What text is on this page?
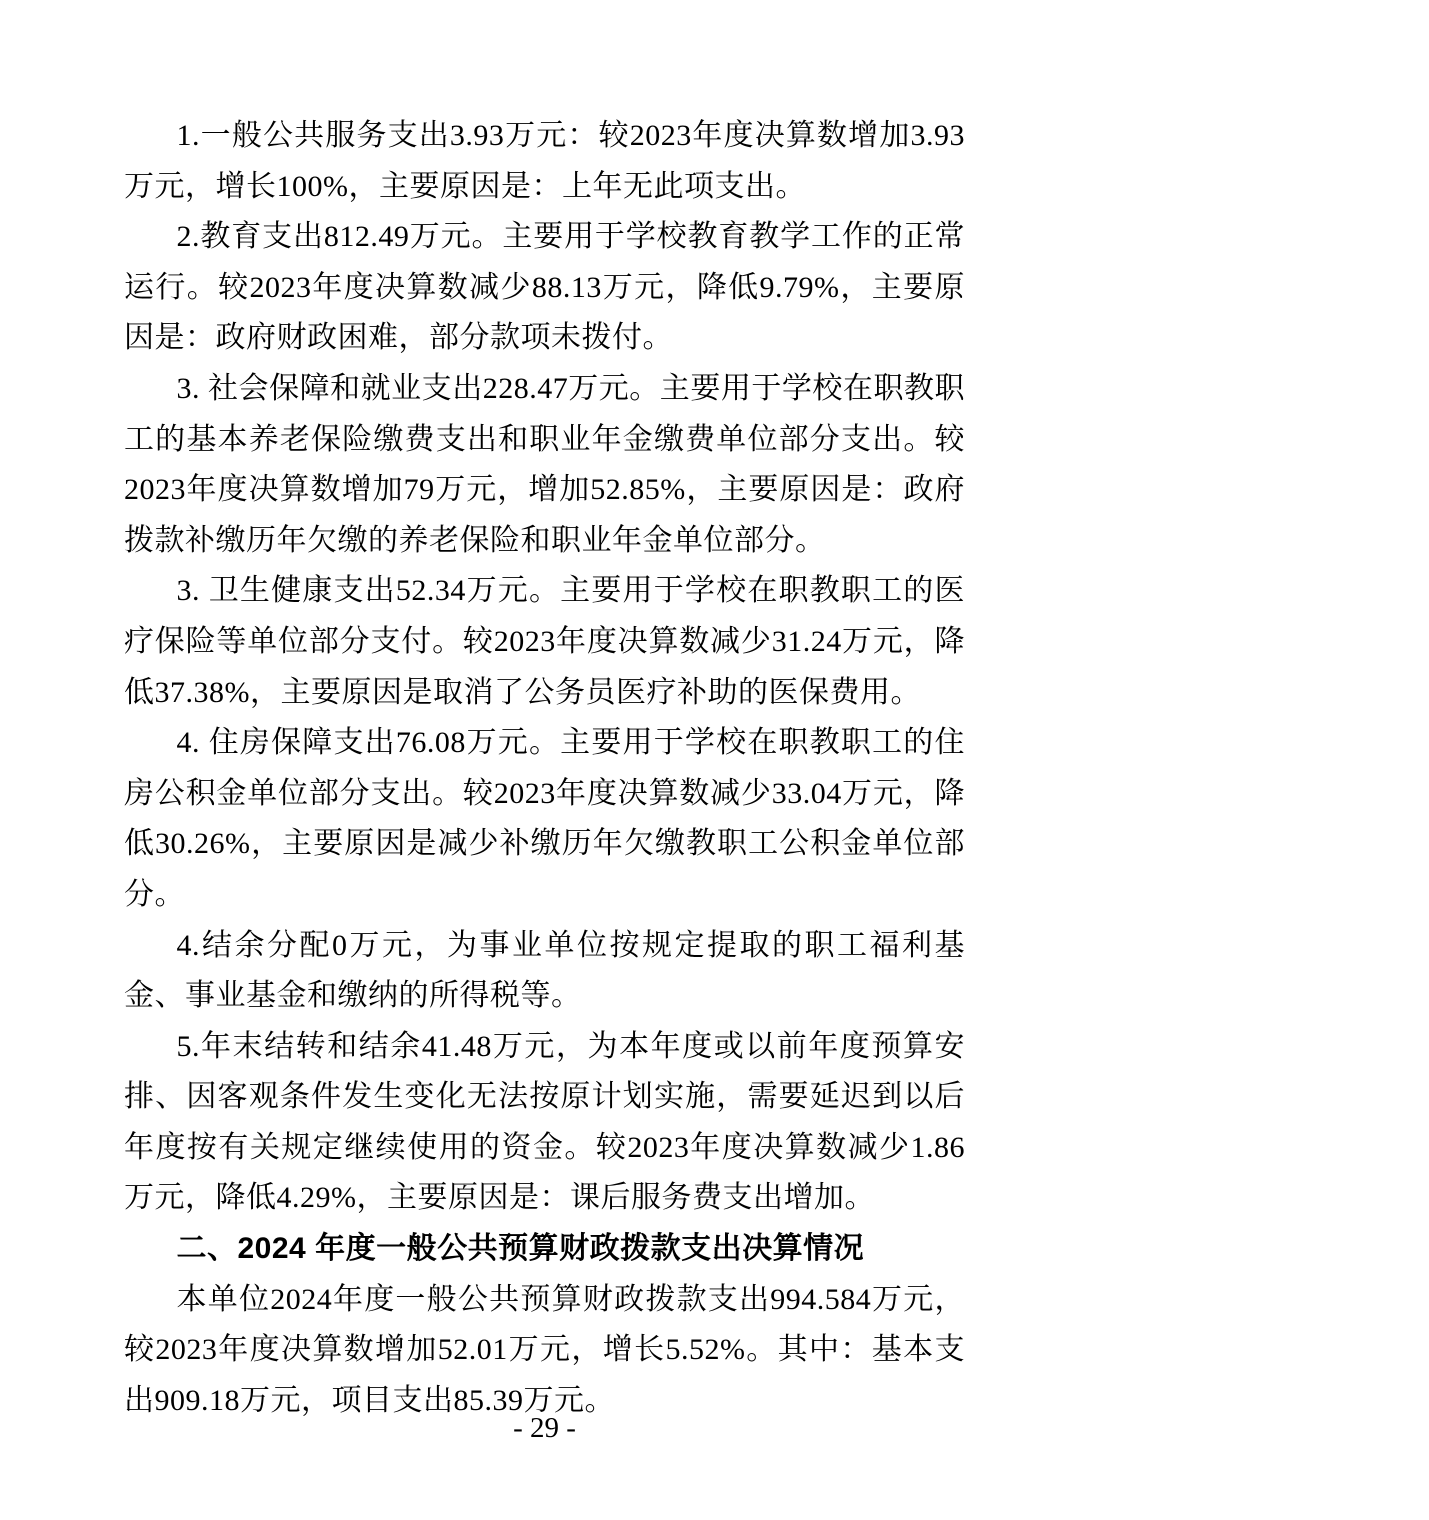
1.一般公共服务支出3.93万元：较2023年度决算数增加3.93万元，增长100%，主要原因是：上年无此项支出。

2.教育支出812.49万元。主要用于学校教育教学工作的正常运行。较2023年度决算数减少88.13万元，降低9.79%，主要原因是：政府财政困难，部分款项未拨付。

3. 社会保障和就业支出228.47万元。主要用于学校在职教职工的基本养老保险缴费支出和职业年金缴费单位部分支出。较2023年度决算数增加79万元，增加52.85%，主要原因是：政府拨款补缴历年欠缴的养老保险和职业年金单位部分。

3. 卫生健康支出52.34万元。主要用于学校在职教职工的医疗保险等单位部分支付。较2023年度决算数减少31.24万元，降低37.38%，主要原因是取消了公务员医疗补助的医保费用。

4. 住房保障支出76.08万元。主要用于学校在职教职工的住房公积金单位部分支出。较2023年度决算数减少33.04万元，降低30.26%，主要原因是减少补缴历年欠缴教职工公积金单位部分。

4.结余分配0万元，为事业单位按规定提取的职工福利基金、事业基金和缴纳的所得税等。

5.年末结转和结余41.48万元，为本年度或以前年度预算安排、因客观条件发生变化无法按原计划实施，需要延迟到以后年度按有关规定继续使用的资金。较2023年度决算数减少1.86万元，降低4.29%，主要原因是：课后服务费支出增加。

二、2024 年度一般公共预算财政拨款支出决算情况

本单位2024年度一般公共预算财政拨款支出994.584万元，较2023年度决算数增加52.01万元，增长5.52%。其中：基本支出909.18万元，项目支出85.39万元。

- 29 -
